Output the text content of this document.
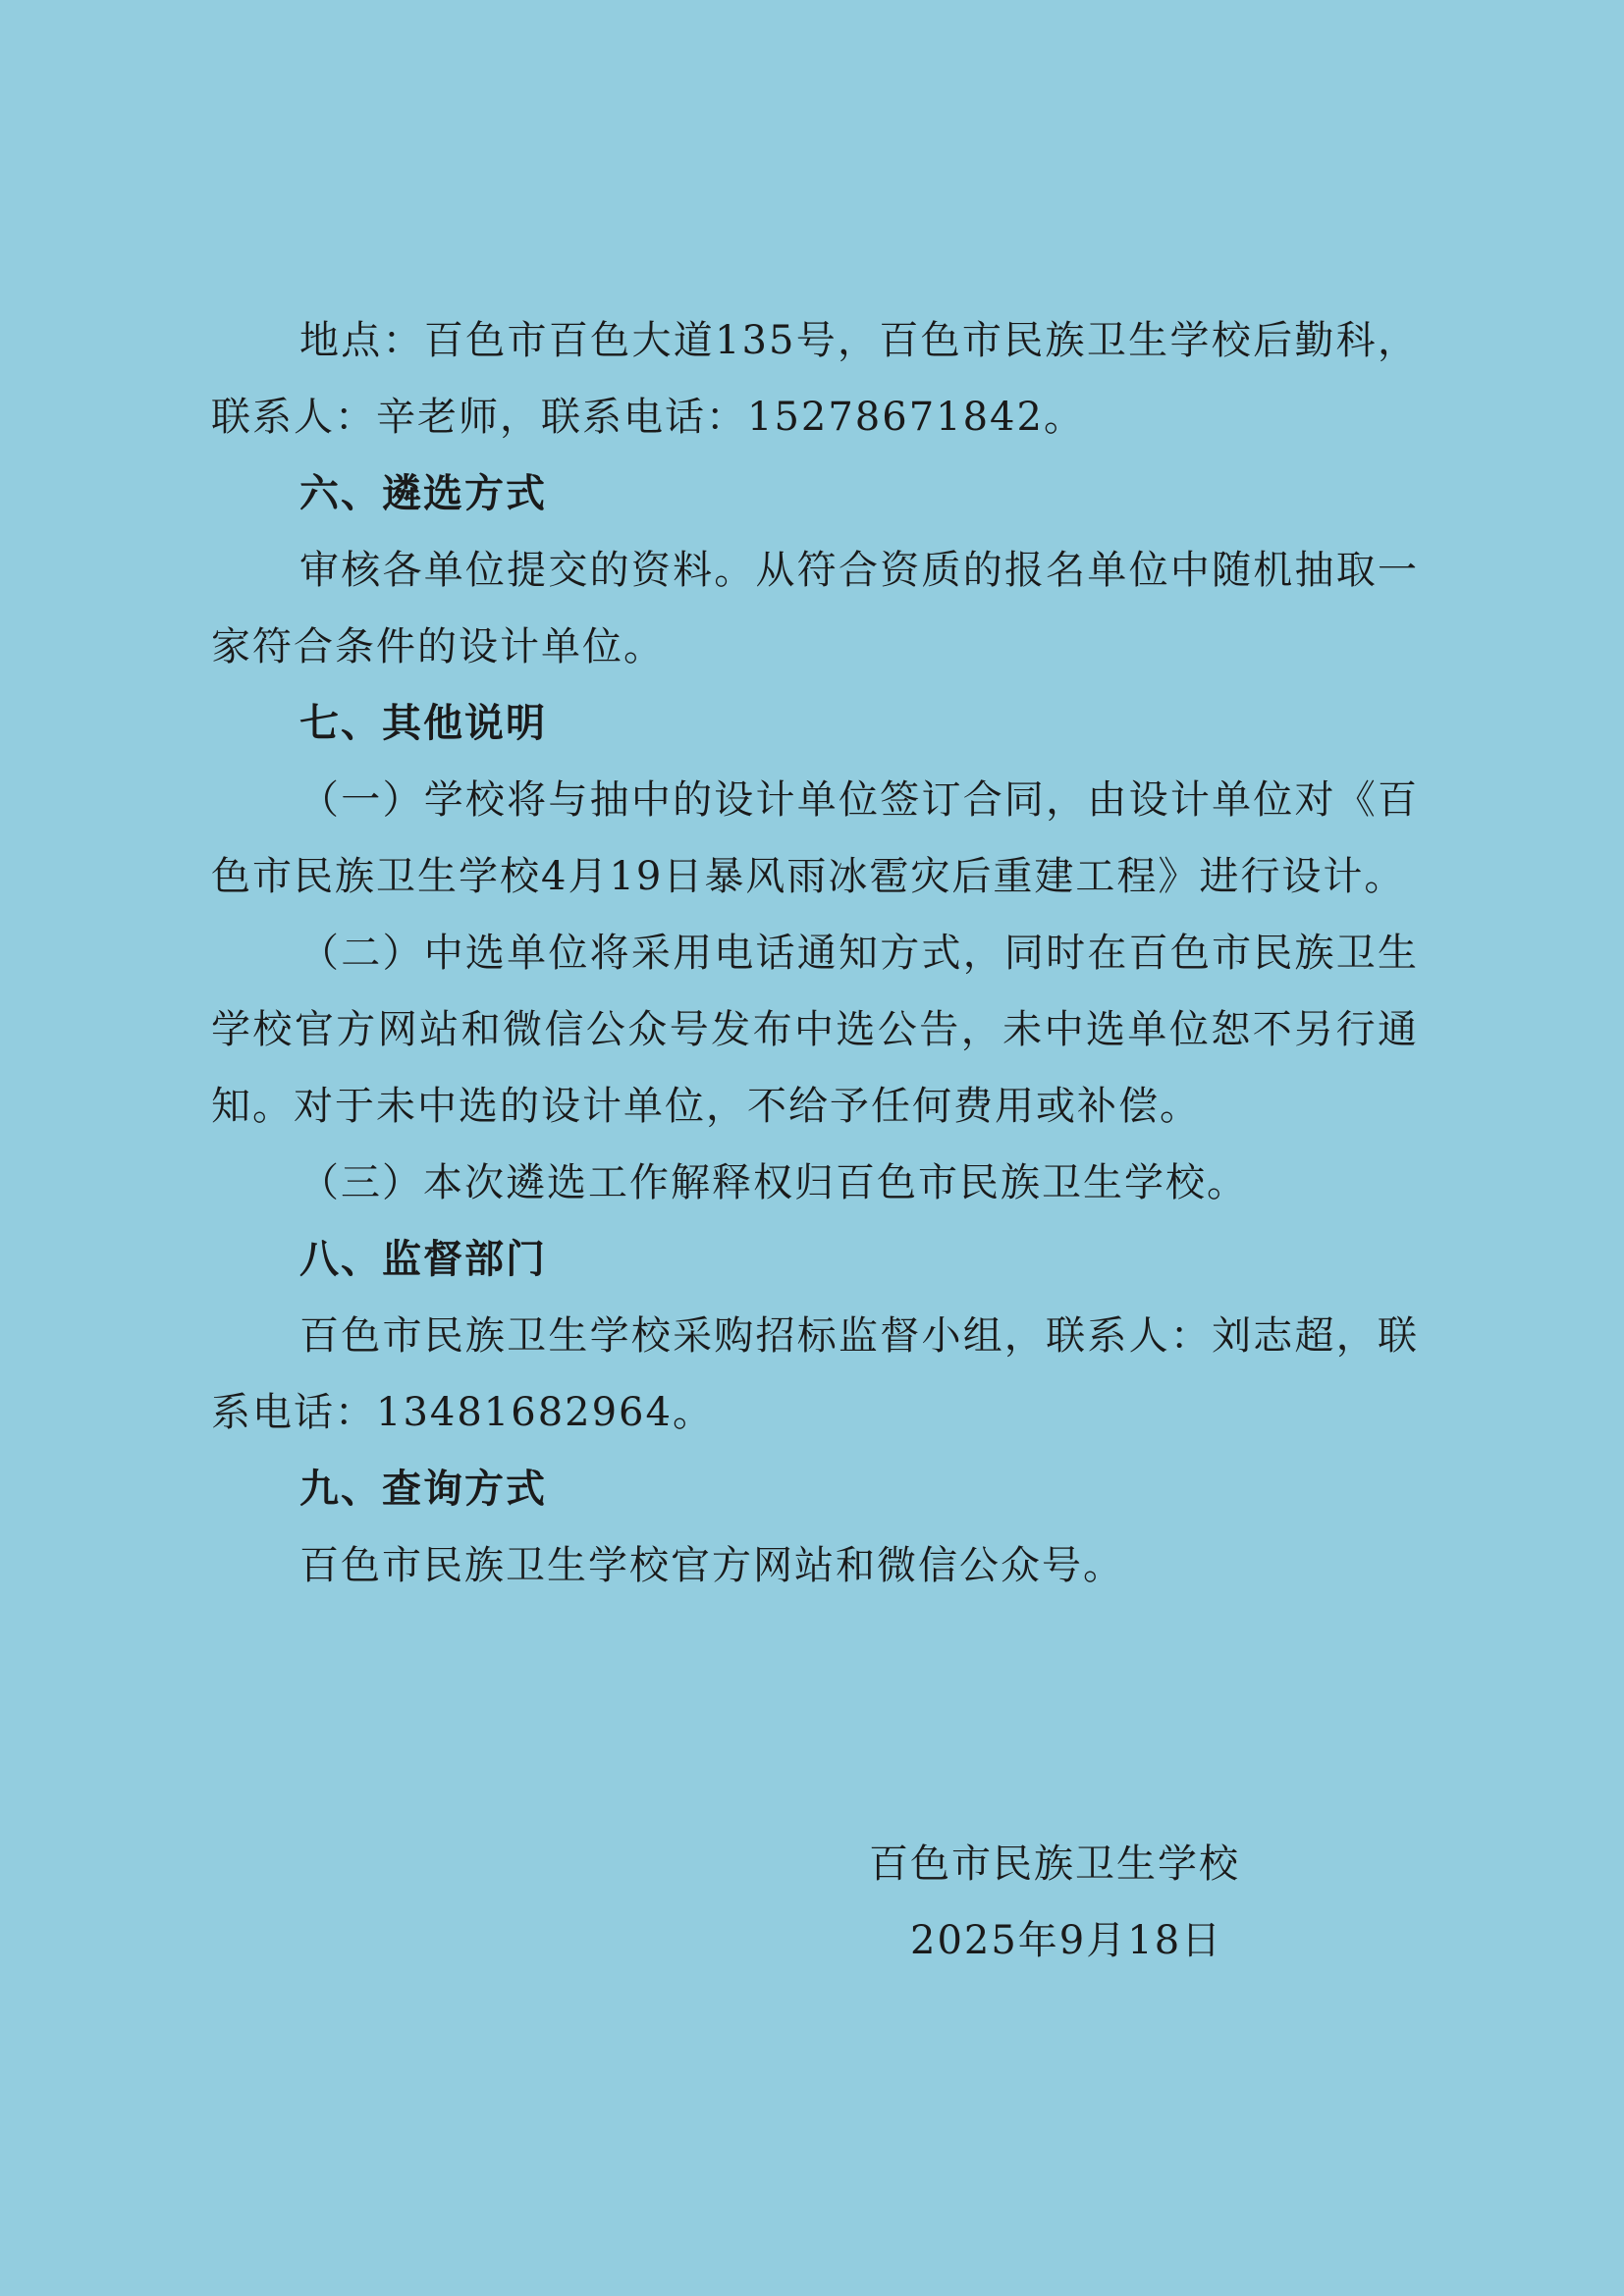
地点：百色市百色大道135号，百色市民族卫生学校后勤科，联系人：辛老师，联系电话：15278671842。

六、遴选方式

审核各单位提交的资料。从符合资质的报名单位中随机抽取一家符合条件的设计单位。

七、其他说明

（一）学校将与抽中的设计单位签订合同，由设计单位对《百色市民族卫生学校4月19日暴风雨冰雹灾后重建工程》进行设计。

（二）中选单位将采用电话通知方式，同时在百色市民族卫生学校官方网站和微信公众号发布中选公告，未中选单位恕不另行通知。对于未中选的设计单位，不给予任何费用或补偿。

（三）本次遴选工作解释权归百色市民族卫生学校。

八、监督部门

百色市民族卫生学校采购招标监督小组，联系人：刘志超，联系电话：13481682964。

九、查询方式

百色市民族卫生学校官方网站和微信公众号。

百色市民族卫生学校
2025年9月18日
